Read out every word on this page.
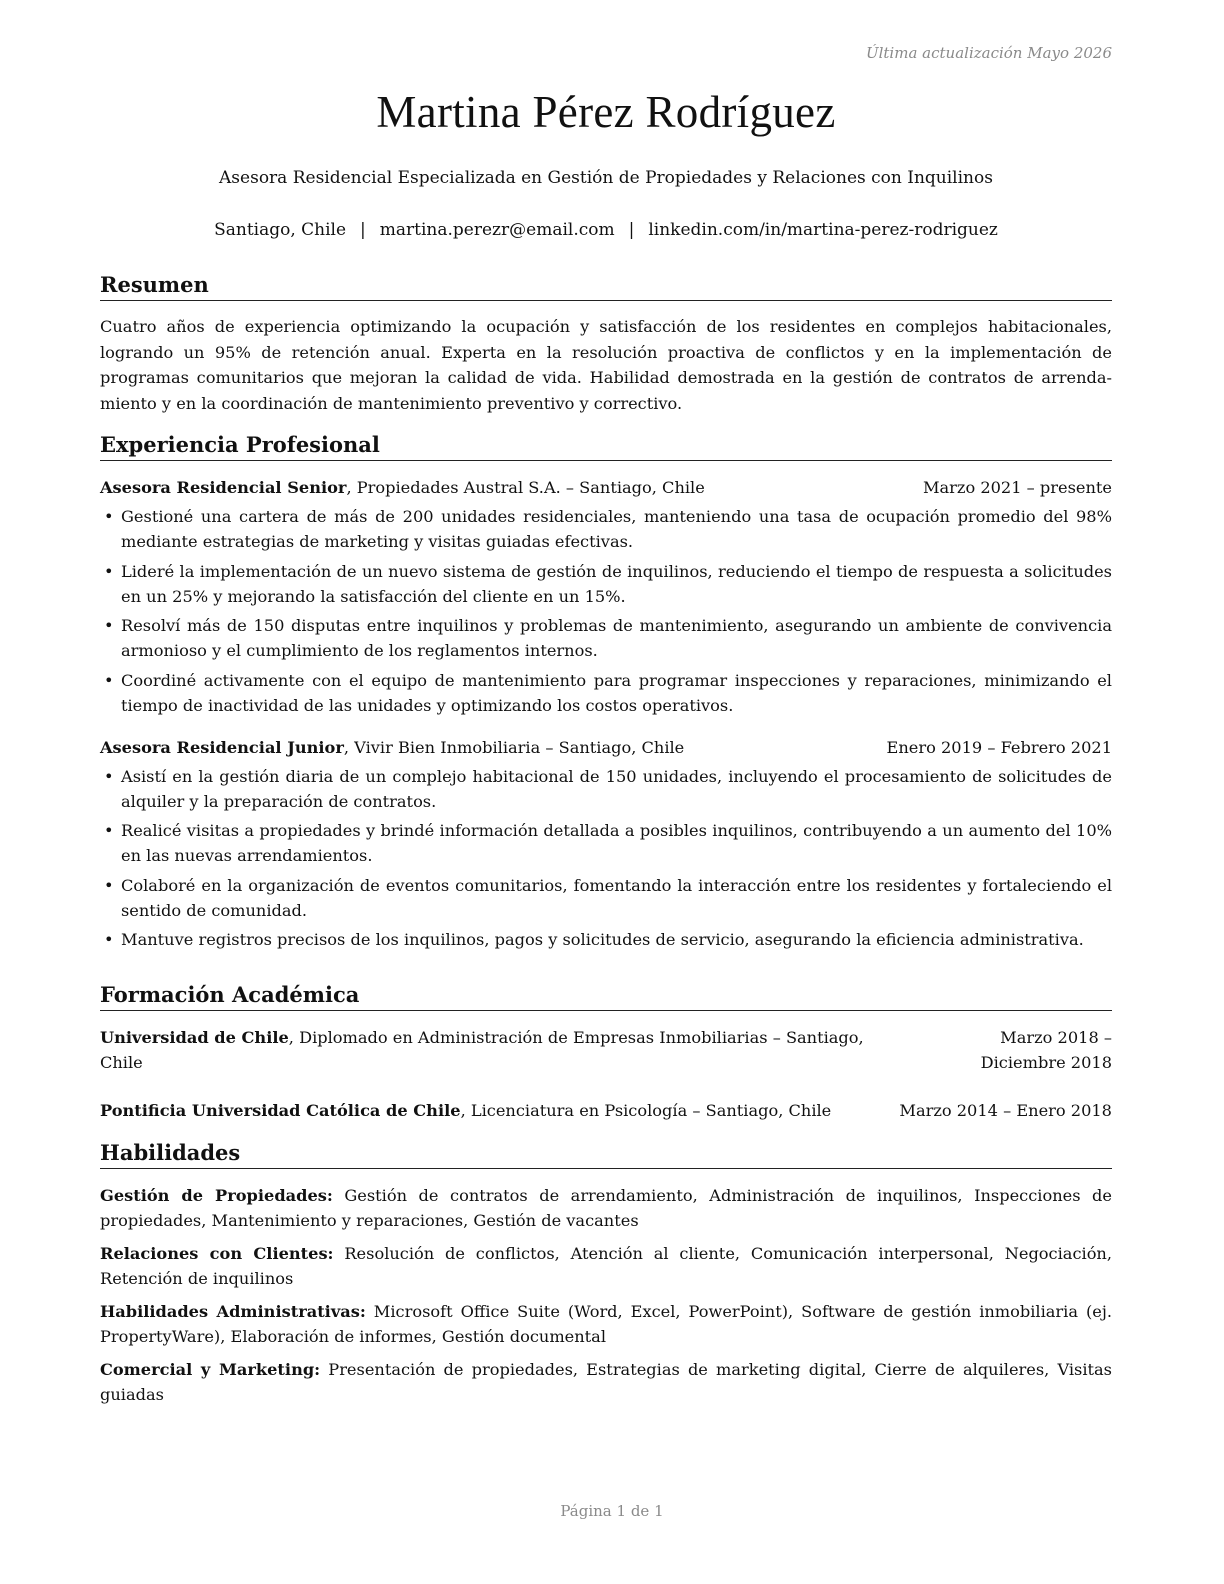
Última actualización Mayo 2026
Martina Pérez Rodríguez
Asesora Residencial Especializada en Gestión de Propiedades y Relaciones con Inquilinos
Santiago, Chile | martina.perezr@email.com | linkedin.com/in/martina-perez-rodriguez
Resumen
Cuatro años de experiencia optimizando la ocupación y satisfacción de los residentes en complejos habitacionales, logrando un 95% de retención anual. Experta en la resolución proactiva de conflictos y en la implementación de programas comunitarios que mejoran la calidad de vida. Habilidad demostrada en la gestión de contratos de arrendamiento y en la coordinación de mantenimiento preventivo y correctivo.
Experiencia Profesional
Asesora Residencial Senior, Propiedades Austral S.A. – Santiago, Chile	Marzo 2021 – presente
• Gestioné una cartera de más de 200 unidades residenciales, manteniendo una tasa de ocupación promedio del 98% mediante estrategias de marketing y visitas guiadas efectivas.
• Lideré la implementación de un nuevo sistema de gestión de inquilinos, reduciendo el tiempo de respuesta a solicitudes en un 25% y mejorando la satisfacción del cliente en un 15%.
• Resolví más de 150 disputas entre inquilinos y problemas de mantenimiento, asegurando un ambiente de convivencia armonioso y el cumplimiento de los reglamentos internos.
• Coordiné activamente con el equipo de mantenimiento para programar inspecciones y reparaciones, minimizando el tiempo de inactividad de las unidades y optimizando los costos operativos.
Asesora Residencial Junior, Vivir Bien Inmobiliaria – Santiago, Chile	Enero 2019 – Febrero 2021
• Asistí en la gestión diaria de un complejo habitacional de 150 unidades, incluyendo el procesamiento de solicitudes de alquiler y la preparación de contratos.
• Realicé visitas a propiedades y brindé información detallada a posibles inquilinos, contribuyendo a un aumento del 10% en las nuevas arrendamientos.
• Colaboré en la organización de eventos comunitarios, fomentando la interacción entre los residentes y fortaleciendo el sentido de comunidad.
• Mantuve registros precisos de los inquilinos, pagos y solicitudes de servicio, asegurando la eficiencia administrativa.
Formación Académica
Universidad de Chile, Diplomado en Administración de Empresas Inmobiliarias – Santiago, Chile
Marzo 2018 – Diciembre 2018
Pontificia Universidad Católica de Chile, Licenciatura en Psicología – Santiago, Chile	Marzo 2014 – Enero 2018
Habilidades
Gestión de Propiedades: Gestión de contratos de arrendamiento, Administración de inquilinos, Inspecciones de propiedades, Mantenimiento y reparaciones, Gestión de vacantes
Relaciones con Clientes: Resolución de conflictos, Atención al cliente, Comunicación interpersonal, Negociación, Retención de inquilinos
Habilidades Administrativas: Microsoft Office Suite (Word, Excel, PowerPoint), Software de gestión inmobiliaria (ej. PropertyWare), Elaboración de informes, Gestión documental
Comercial y Marketing: Presentación de propiedades, Estrategias de marketing digital, Cierre de alquileres, Visitas guiadas
Página 1 de 1
